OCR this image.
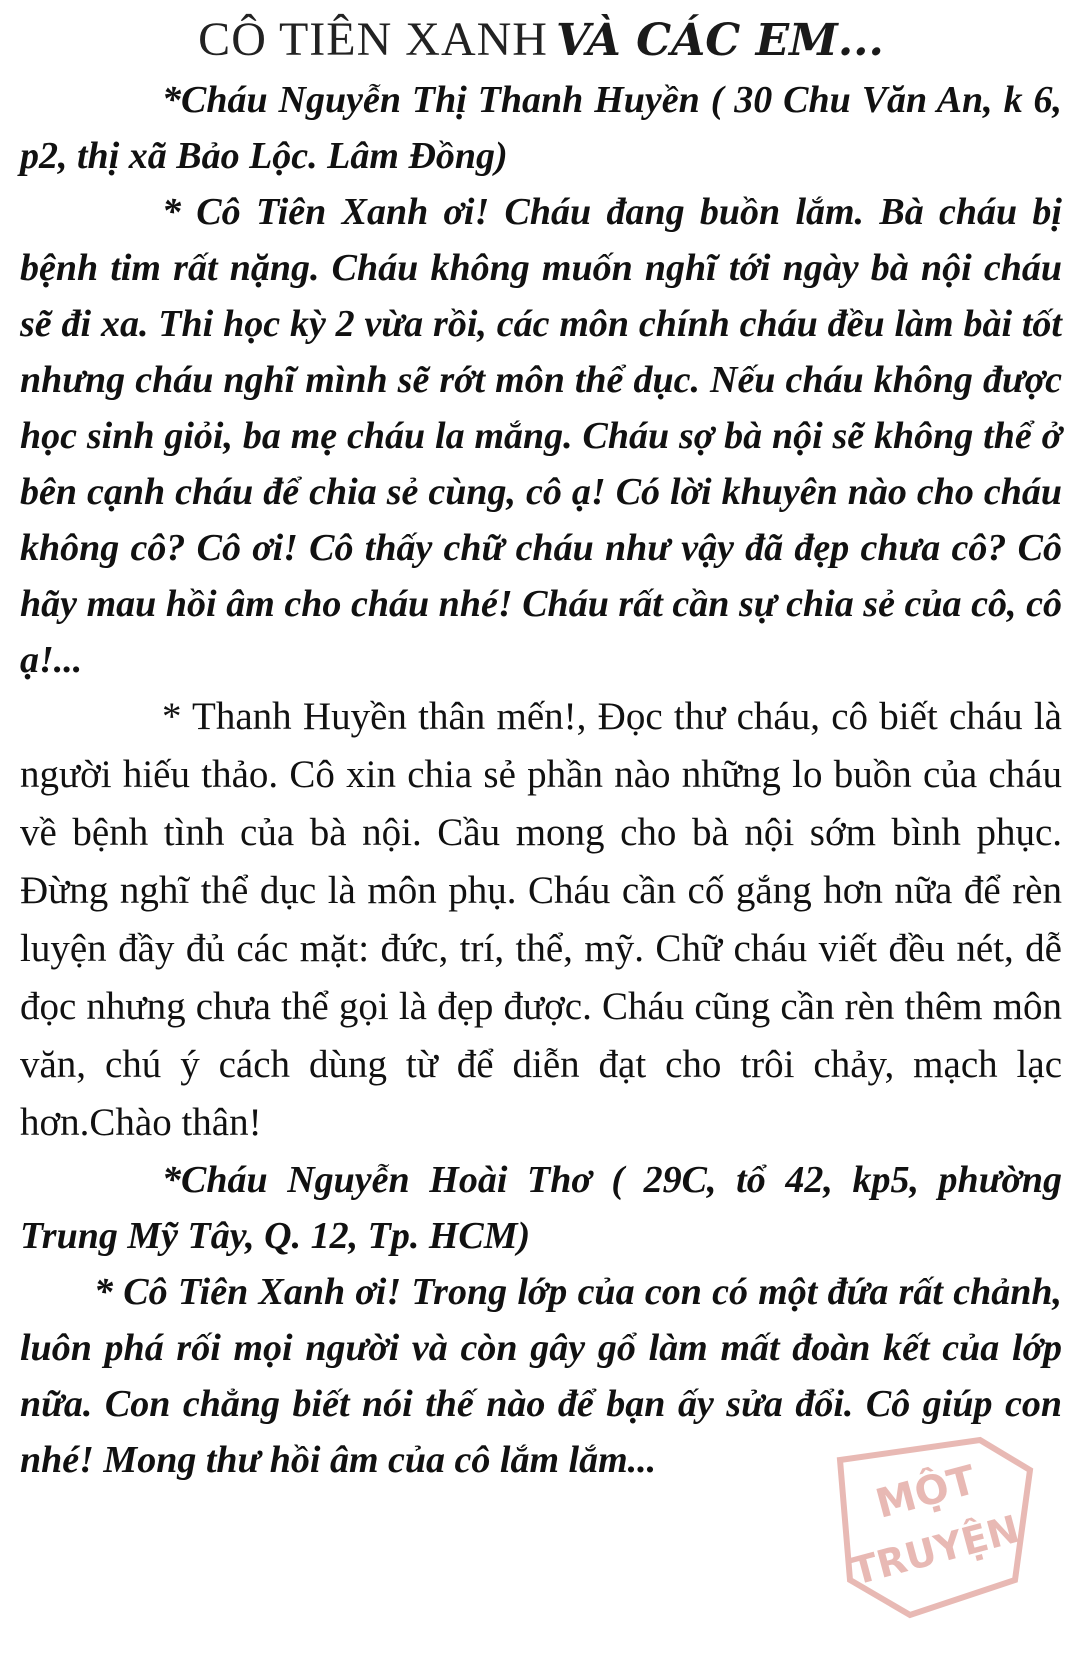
CÔ TIÊN XANH VÀ CÁC EM...

*Cháu Nguyễn Thị Thanh Huyền ( 30 Chu Văn An, k 6, p2, thị xã Bảo Lộc. Lâm Đồng)

* Cô Tiên Xanh ơi! Cháu đang buồn lắm. Bà cháu bị bệnh tim rất nặng. Cháu không muốn nghĩ tới ngày bà nội cháu sẽ đi xa. Thi học kỳ 2 vừa rồi, các môn chính cháu đều làm bài tốt nhưng cháu nghĩ mình sẽ rớt môn thể dục. Nếu cháu không được học sinh giỏi, ba mẹ cháu la mắng. Cháu sợ bà nội sẽ không thể ở bên cạnh cháu để chia sẻ cùng, cô ạ! Có lời khuyên nào cho cháu không cô? Cô ơi! Cô thấy chữ cháu như vậy đã đẹp chưa cô? Cô hãy mau hồi âm cho cháu nhé! Cháu rất cần sự chia sẻ của cô, cô ạ!...

* Thanh Huyền thân mến!, Đọc thư cháu, cô biết cháu là người hiếu thảo. Cô xin chia sẻ phần nào những lo buồn của cháu về bệnh tình của bà nội. Cầu mong cho bà nội sớm bình phục. Đừng nghĩ thể dục là môn phụ. Cháu cần cố gắng hơn nữa để rèn luyện đầy đủ các mặt: đức, trí, thể, mỹ. Chữ cháu viết đều nét, dễ đọc nhưng chưa thể gọi là đẹp được. Cháu cũng cần rèn thêm môn văn, chú ý cách dùng từ để diễn đạt cho trôi chảy, mạch lạc hơn.Chào thân!

*Cháu Nguyễn Hoài Thơ ( 29C, tổ 42, kp5, phường Trung Mỹ Tây, Q. 12, Tp. HCM)

* Cô Tiên Xanh ơi! Trong lớp của con có một đứa rất chảnh, luôn phá rối mọi người và còn gây gổ làm mất đoàn kết của lớp nữa. Con chẳng biết nói thế nào để bạn ấy sửa đổi. Cô giúp con nhé! Mong thư hồi âm của cô lắm lắm...	MỘT
TRUYỆN
